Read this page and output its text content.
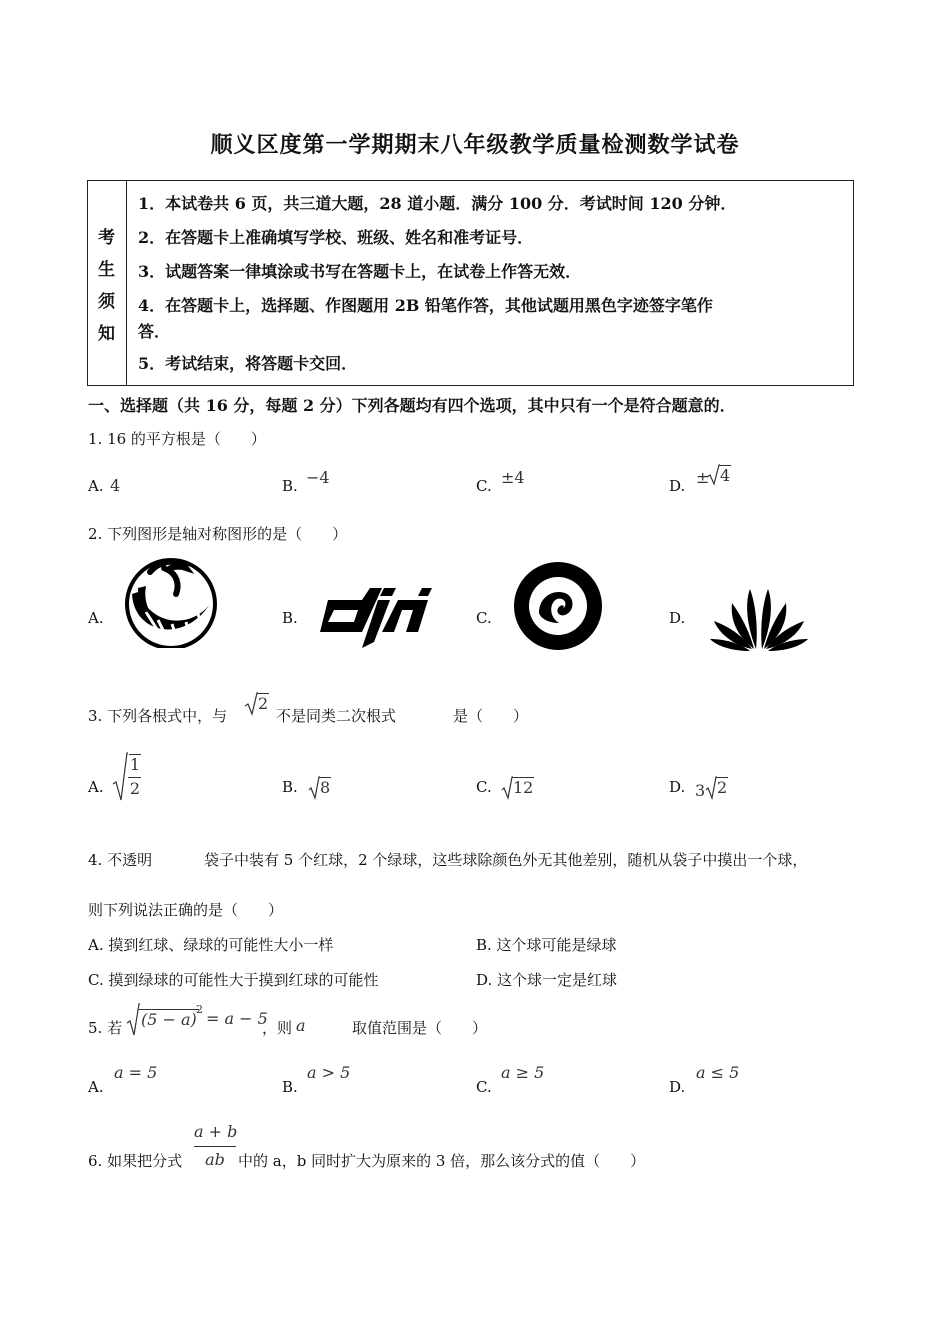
顺义区度第一学期期末八年级教学质量检测数学试卷
考
生
须
知
1．本试卷共 6 页，共三道大题，28 道小题．满分 100 分．考试时间 120 分钟．
2．在答题卡上准确填写学校、班级、姓名和准考证号．
3．试题答案一律填涂或书写在答题卡上，在试卷上作答无效．
4．在答题卡上，选择题、作图题用 2B 铅笔作答，其他试题用黑色字迹签字笔作
答．
5．考试结束，将答题卡交回．
一、选择题（共 16 分，每题 2 分）下列各题均有四个选项，其中只有一个是符合题意的．
1. 16 的平方根是（　　）
A. 4	B. −4	C. ±4	D. ± 4
2. 下列图形是轴对称图形的是（　　）
A.	B.	C.	D.
3. 下列各根式中，与
2
不是同类二次根式	是（　　）
A.
1
2	B. 8	C. 12	D. 3 2
4. 不透明	袋子中装有 5 个红球，2 个绿球，这些球除颜色外无其他差别，随机从袋子中摸出一个球，
则下列说法正确的是（　　）
A. 摸到红球、绿球的可能性大小一样	B. 这个球可能是绿球
C. 摸到绿球的可能性大于摸到红球的可能性	D. 这个球一定是红球
5. 若 (5 − a)
2 = a − 5
，则 a	取值范围是（　　）
A.
a = 5
B.
a > 5
C.
a ≥ 5
D.
a ≤ 5
6. 如果把分式
a + b
ab 中的 a，b 同时扩大为原来的 3 倍，那么该分式的值（　　）
